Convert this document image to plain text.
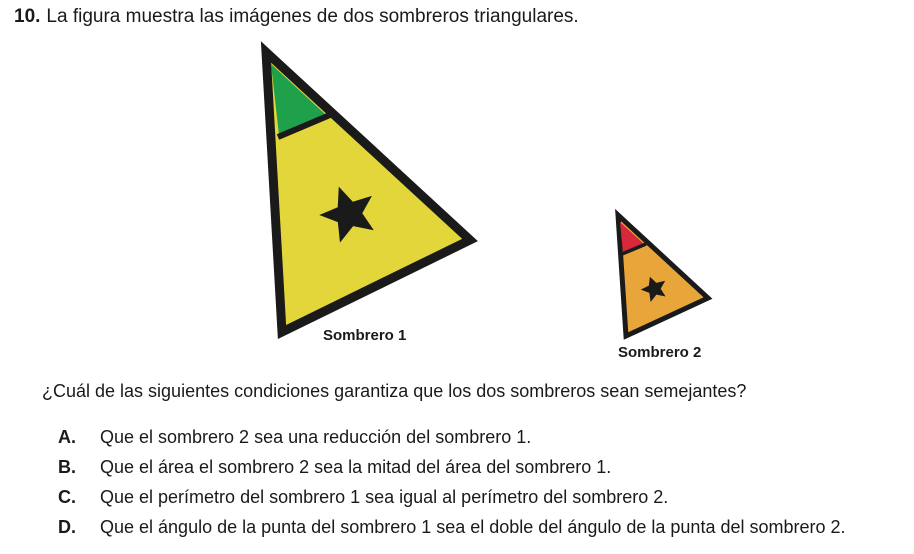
10. La figura muestra las imágenes de dos sombreros triangulares.
Sombrero 1
Sombrero 2
¿Cuál de las siguientes condiciones garantiza que los dos sombreros sean semejantes?
A.	Que el sombrero 2 sea una reducción del sombrero 1.
B.	Que el área el sombrero 2 sea la mitad del área del sombrero 1.
C.	Que el perímetro del sombrero 1 sea igual al perímetro del sombrero 2.
D.	Que el ángulo de la punta del sombrero 1 sea el doble del ángulo de la punta del sombrero 2.
